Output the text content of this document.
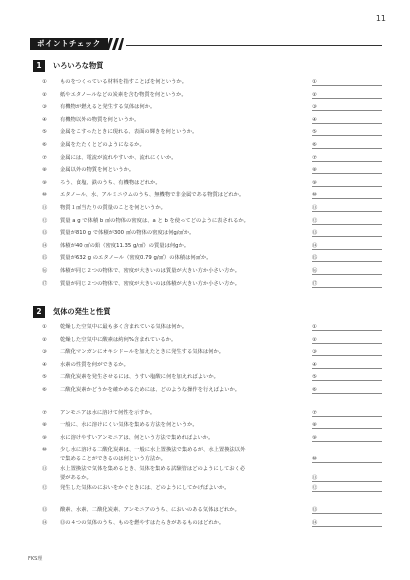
11
ポイントチェック
1	いろいろな物質
①	ものをつくっている材料を指すことばを何というか。	①
②	紙やエタノールなどの炭素を含む物質を何というか。	②
③	有機物が燃えると発生する気体は何か。	③
④	有機物以外の物質を何というか。	④
⑤	金属をこすったときに現れる、表面の輝きを何というか。	⑤
⑥	金属をたたくとどのようになるか。	⑥
⑦	金属には、電流が流れやすいか、流れにくいか。	⑦
⑧	金属以外の物質を何というか。	⑧
⑨	ろう、食塩、鉄のうち、有機物はどれか。	⑨
⑩	エタノール、水、アルミニウムのうち、無機物で非金属である物質はどれか。	⑩
⑪	物質１㎤当たりの質量のことを何というか。	⑪
⑫	質量 a g で体積 b ㎤の物体の密度は、a と b を使ってどのように表されるか。	⑫
⑬	質量が810 g で体積が300 ㎤の物体の密度は何g/㎤か。	⑬
⑭	体積が40 ㎤の鉛（密度11.35 g/㎤）の質量は何gか。	⑭
⑮	質量が632 g のエタノール（密度0.79 g/㎤）の体積は何㎤か。	⑮
⑯	体積が同じ２つの物体で、密度が大きいのは質量が大きい方か小さい方か。	⑯
⑰	質量が同じ２つの物体で、密度が大きいのは体積が大きい方か小さい方か。	⑰
2	気体の発生と性質
①	乾燥した空気中に最も多く含まれている気体は何か。	①
②	乾燥した空気中に酸素は約何%含まれているか。	②
③	二酸化マンガンにオキシドールを加えたときに発生する気体は何か。	③
④	水素の性質を何ができるか。	④
⑤	二酸化炭素を発生させるには、うすい塩酸に何を加えればよいか。	⑤
⑥	二酸化炭素かどうかを確かめるためには、どのような操作を行えばよいか。	⑥
⑦	アンモニアは水に溶けて何性を示すか。	⑦
⑧	一般に、水に溶けにくい気体を集める方法を何というか。	⑧
⑨	水に溶けやすいアンモニアは、何という方法で集めればよいか。	⑨
⑩	少し水に溶ける二酸化炭素は、一般に水上置換法で集めるが、水上置換法以外
で集めることができるのは何という方法か。	⑩
⑪	水上置換法で気体を集めるとき、気体を集める試験管はどのようにしておく必
要があるか。	⑪
⑫	発生した気体のにおいをかぐときには、どのようにしてかげばよいか。	⑫
⑬	酸素、水素、二酸化炭素、アンモニアのうち、においのある気体はどれか。	⑬
⑭	⑬の４つの気体のうち、ものを燃やすはたらきがあるものはどれか。	⑭
FKS理
